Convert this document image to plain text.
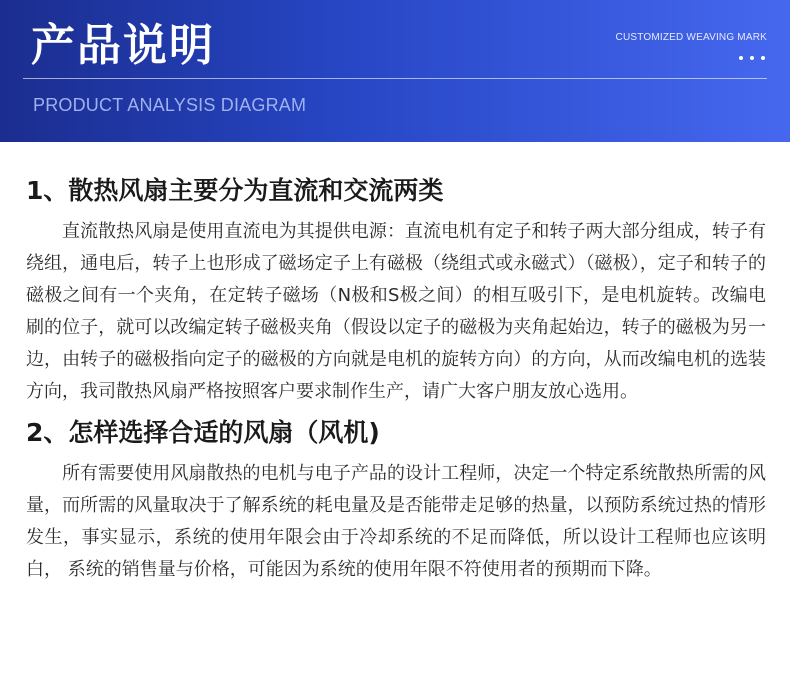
产品说明	CUSTOMIZED WEAVING MARK
PRODUCT ANALYSIS DIAGRAM
1、散热风扇主要分为直流和交流两类

直流散热风扇是使用直流电为其提供电源：直流电机有定子和转子两大部分组成，转子有绕组，通电后，转子上也形成了磁场定子上有磁极（绕组式或永磁式）（磁极），定子和转子的磁极之间有一个夹角，在定转子磁场（N极和S极之间）的相互吸引下，是电机旋转。改编电刷的位子，就可以改编定转子磁极夹角（假设以定子的磁极为夹角起始边，转子的磁极为另一边，由转子的磁极指向定子的磁极的方向就是电机的旋转方向）的方向，从而改编电机的选装方向，我司散热风扇严格按照客户要求制作生产，请广大客户朋友放心选用。

2、怎样选择合适的风扇（风机)

所有需要使用风扇散热的电机与电子产品的设计工程师，决定一个特定系统散热所需的风量，而所需的风量取决于了解系统的耗电量及是否能带走足够的热量，以预防系统过热的情形发生，事实显示，系统的使用年限会由于冷却系统的不足而降低，所以设计工程师也应该明白， 系统的销售量与价格，可能因为系统的使用年限不符使用者的预期而下降。
